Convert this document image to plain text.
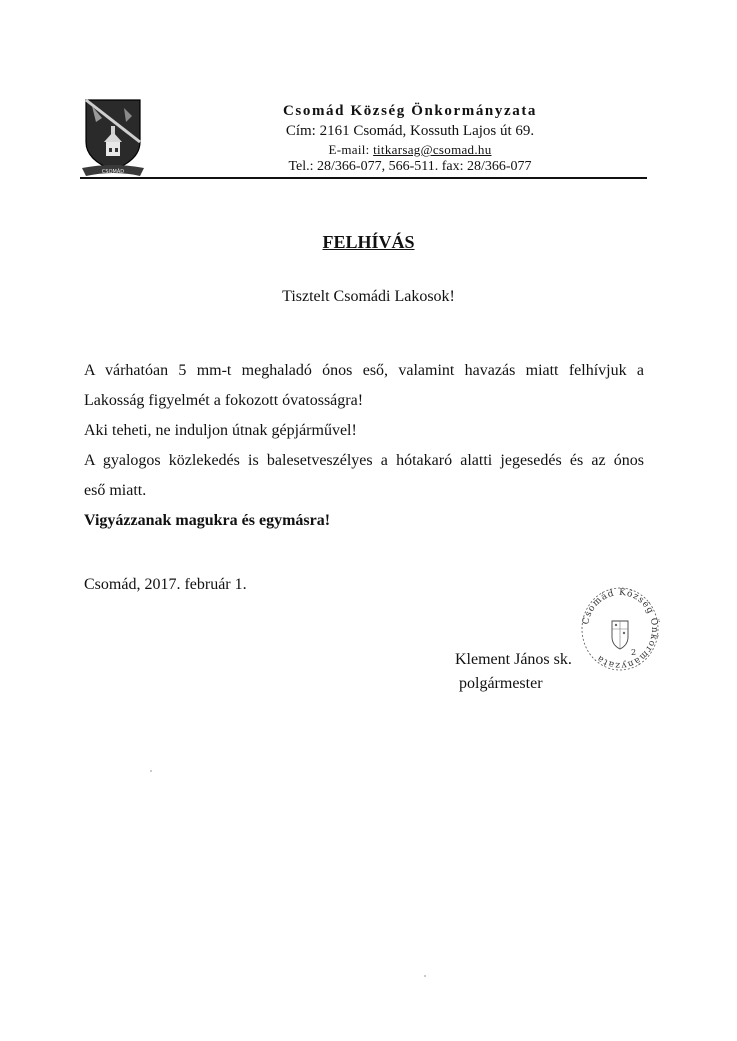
CSOMÁD
Csomád Község Önkormányzata
Cím: 2161 Csomád, Kossuth Lajos út 69.
E-mail: titkarsag@csomad.hu
Tel.: 28/366-077, 566-511. fax: 28/366-077
FELHÍVÁS
Tisztelt Csomádi Lakosok!
A várhatóan 5 mm-t meghaladó ónos eső, valamint havazás miatt felhívjuk a
Lakosság figyelmét a fokozott óvatosságra!
Aki teheti, ne induljon útnak gépjárművel!
A gyalogos közlekedés is balesetveszélyes a hótakaró alatti jegesedés és az ónos
eső miatt.
Vigyázzanak magukra és egymásra!
Csomád, 2017. február 1.
Csomád Község Önkormányzata	2
Klement János sk.
polgármester
